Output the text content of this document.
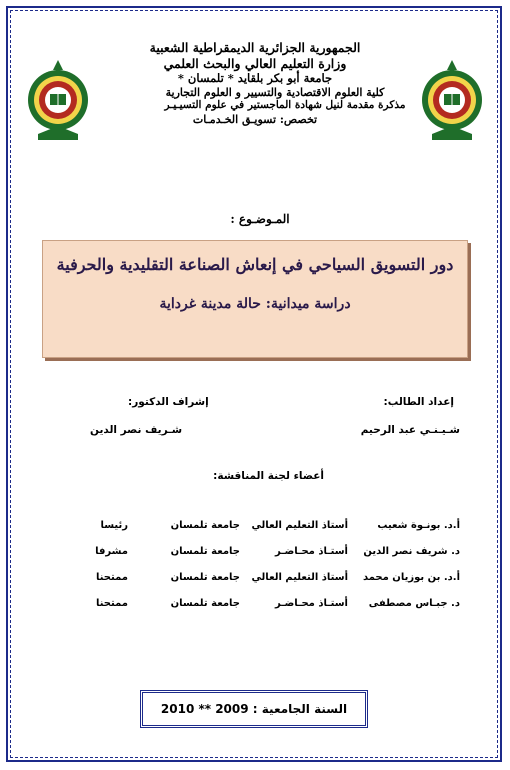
الجمهورية الجزائرية الديمقراطية الشعبية
وزارة التعليم العالي والبحث العلمي
جامعة أبو بكر بلقايد * تلمسان *
كلية العلوم الاقتصادية والتسيير و العلوم التجارية
مذكرة مقدمة لنيل شهادة الماجستير في علوم التسيـيـر
تخصص: تسويـق الخـدمـات
المـوضـوع :
دور التسويق السياحي في إنعاش الصناعة التقليدية والحرفية
دراسة ميدانية: حالة مدينة غرداية
إعداد الطالب:
شـيـنـي عبد الرحيم
إشراف الدكتور:
شـريف نصر الدين
أعضاء لجنة المناقشة:
أ.د. بونـوة شعيب	أستاذ التعليم العالي	جامعة تلمسان	رئيسا
د. شريف نصر الدين	أستـاذ محـاضـر	جامعة تلمسان	مشرفا
أ.د. بن بوزيان محمد	أستاذ التعليم العالي	جامعة تلمسان	ممتحنا
د. جبـاس مصطفى	أستـاذ محـاضـر	جامعة تلمسان	ممتحنا
السنة الجامعية : 2009 ** 2010
